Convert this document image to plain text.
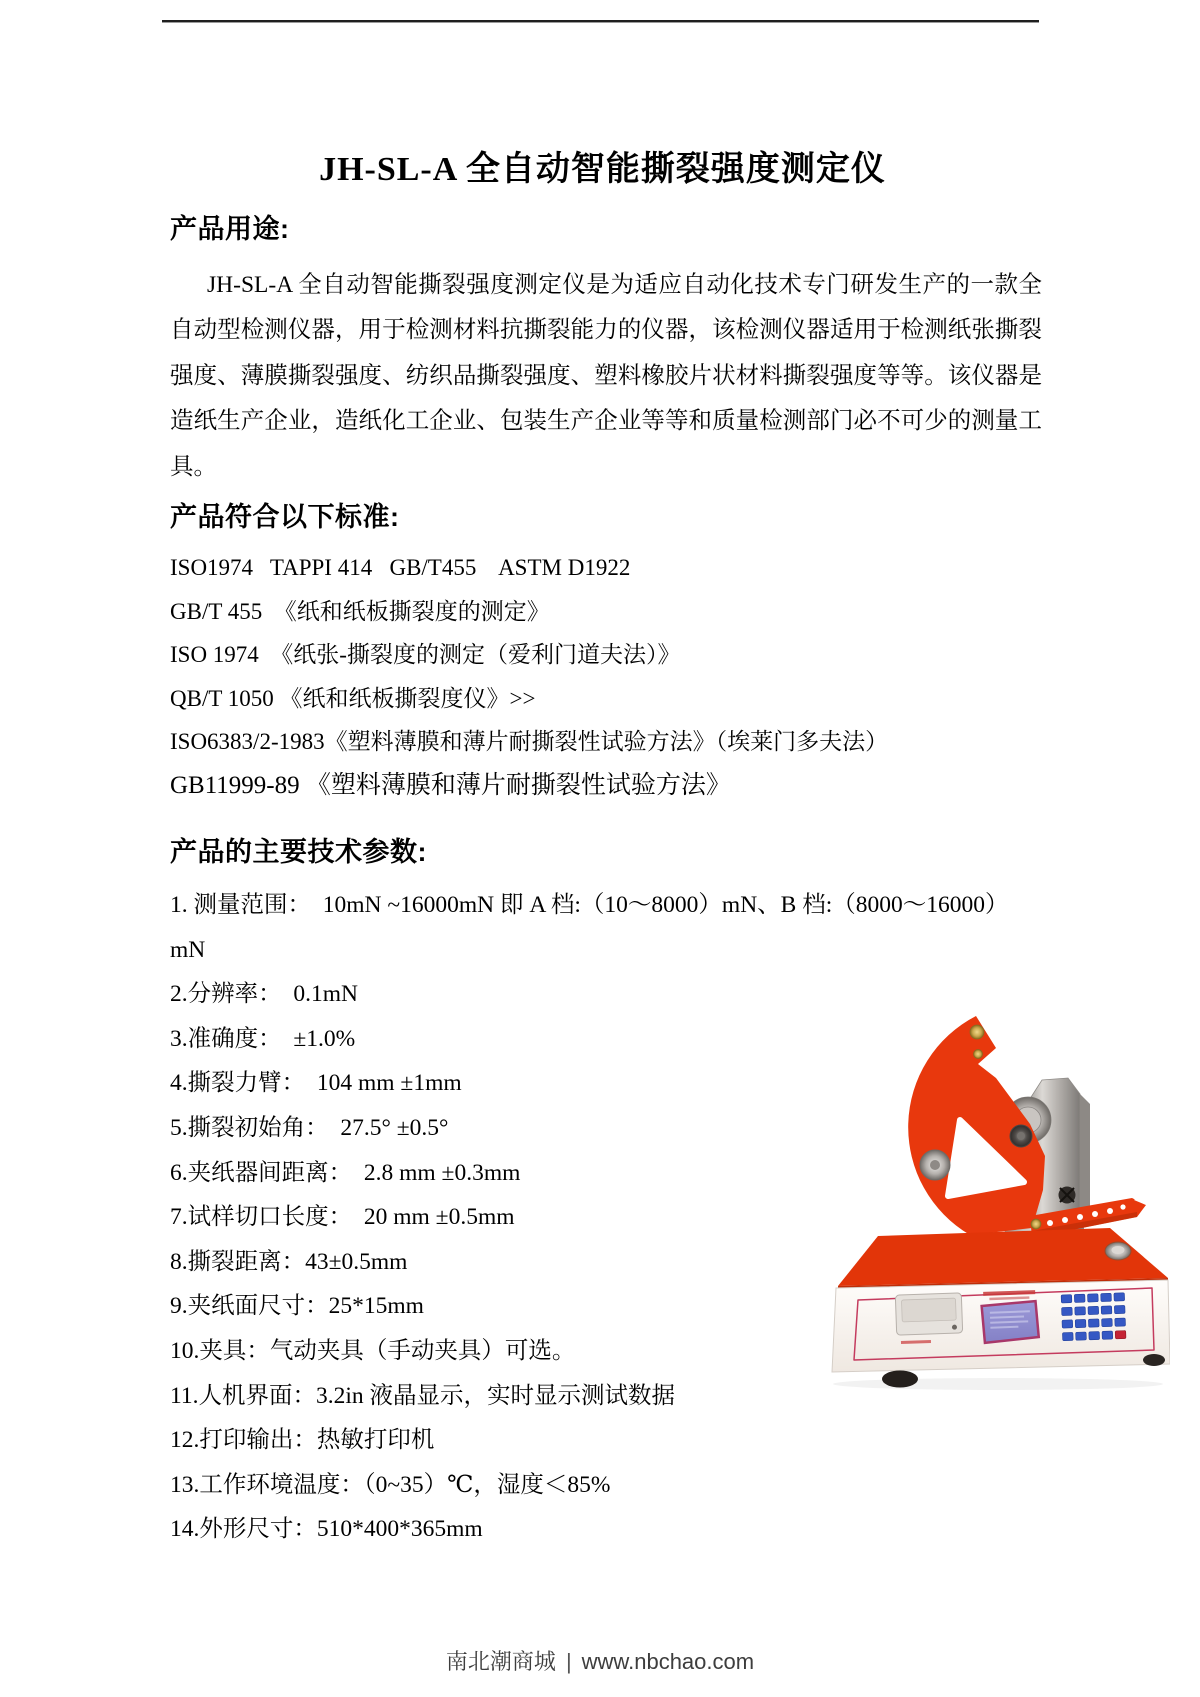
JH‐SL-A 全自动智能撕裂强度测定仪
产品用途:
JH‐SL-A 全自动智能撕裂强度测定仪是为适应自动化技术专门研发生产的一款全自动型检测仪器，用于检测材料抗撕裂能力的仪器，该检测仪器适用于检测纸张撕裂强度、薄膜撕裂强度、纺织品撕裂强度、塑料橡胶片状材料撕裂强度等等。该仪器是造纸生产企业，造纸化工企业、包装生产企业等等和质量检测部门必不可少的测量工具。
产品符合以下标准:
ISO1974   TAPPI 414   GB/T455    ASTM D1922
GB/T 455  《纸和纸板撕裂度的测定》
ISO 1974  《纸张-撕裂度的测定（爱利门道夫法）》
QB/T 1050 《纸和纸板撕裂度仪》>>
ISO6383/2-1983《塑料薄膜和薄片耐撕裂性试验方法》（埃莱门多夫法）
GB11999-89 《塑料薄膜和薄片耐撕裂性试验方法》
产品的主要技术参数:
1. 测量范围：  10mN ~16000mN 即 A 档:（10～8000）mN、B 档:（8000～16000）
mN
2.分辨率：  0.1mN
3.准确度：  ±1.0%
4.撕裂力臂：  104 mm ±1mm
5.撕裂初始角：  27.5° ±0.5°
6.夹纸器间距离：  2.8 mm ±0.3mm
7.试样切口长度：  20 mm ±0.5mm
8.撕裂距离：43±0.5mm
9.夹纸面尺寸：25*15mm
10.夹具：气动夹具（手动夹具）可选。
11.人机界面：3.2in 液晶显示，实时显示测试数据
12.打印输出：热敏打印机
13.工作环境温度：（0~35）℃，湿度＜85%
14.外形尺寸：510*400*365mm
南北潮商城 | www.nbchao.com
